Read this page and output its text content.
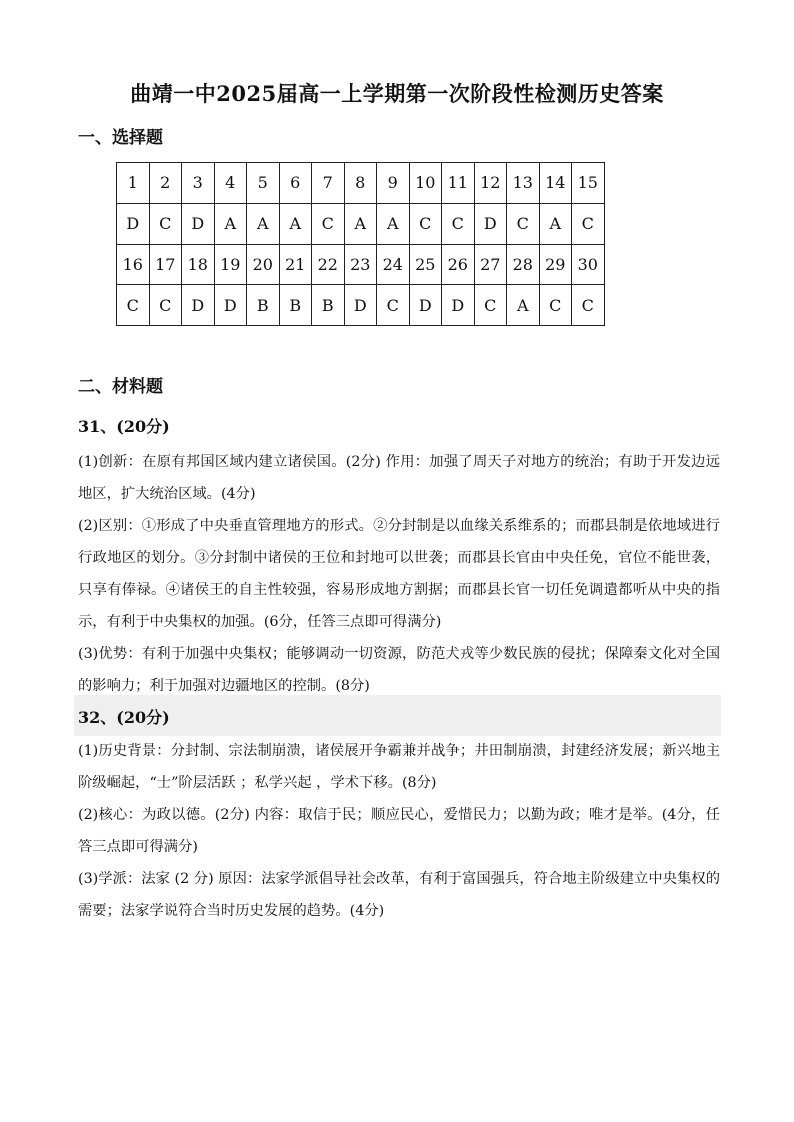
曲靖一中2025届高一上学期第一次阶段性检测历史答案
一、选择题
1	2	3	4	5	6	7	8	9	10	11	12	13	14	15
D	C	D	A	A	A	C	A	A	C	C	D	C	A	C
16	17	18	19	20	21	22	23	24	25	26	27	28	29	30
C	C	D	D	B	B	B	D	C	D	D	C	A	C	C
二、材料题
31、(20分)

(1)创新：在原有邦国区域内建立诸侯国。(2分) 作用：加强了周天子对地方的统治；有助于开发边远地区，扩大统治区域。(4分)

(2)区别：①形成了中央垂直管理地方的形式。②分封制是以血缘关系维系的；而郡县制是依地域进行行政地区的划分。③分封制中诸侯的王位和封地可以世袭；而郡县长官由中央任免，官位不能世袭，只享有俸禄。④诸侯王的自主性较强，容易形成地方割据；而郡县长官一切任免调遣都听从中央的指示，有利于中央集权的加强。(6分，任答三点即可得满分)

(3)优势：有利于加强中央集权；能够调动一切资源，防范犬戎等少数民族的侵扰；保障秦文化对全国的影响力；利于加强对边疆地区的控制。(8分)

32、(20分)

(1)历史背景：分封制、宗法制崩溃，诸侯展开争霸兼并战争；井田制崩溃，封建经济发展；新兴地主阶级崛起，“士”阶层活跃 ；私学兴起 ，学术下移。(8分)

(2)核心：为政以德。(2分) 内容：取信于民；顺应民心，爱惜民力；以勤为政；唯才是举。(4分，任答三点即可得满分)

(3)学派：法家 (2 分) 原因：法家学派倡导社会改革，有利于富国强兵，符合地主阶级建立中央集权的需要；法家学说符合当时历史发展的趋势。(4分)
